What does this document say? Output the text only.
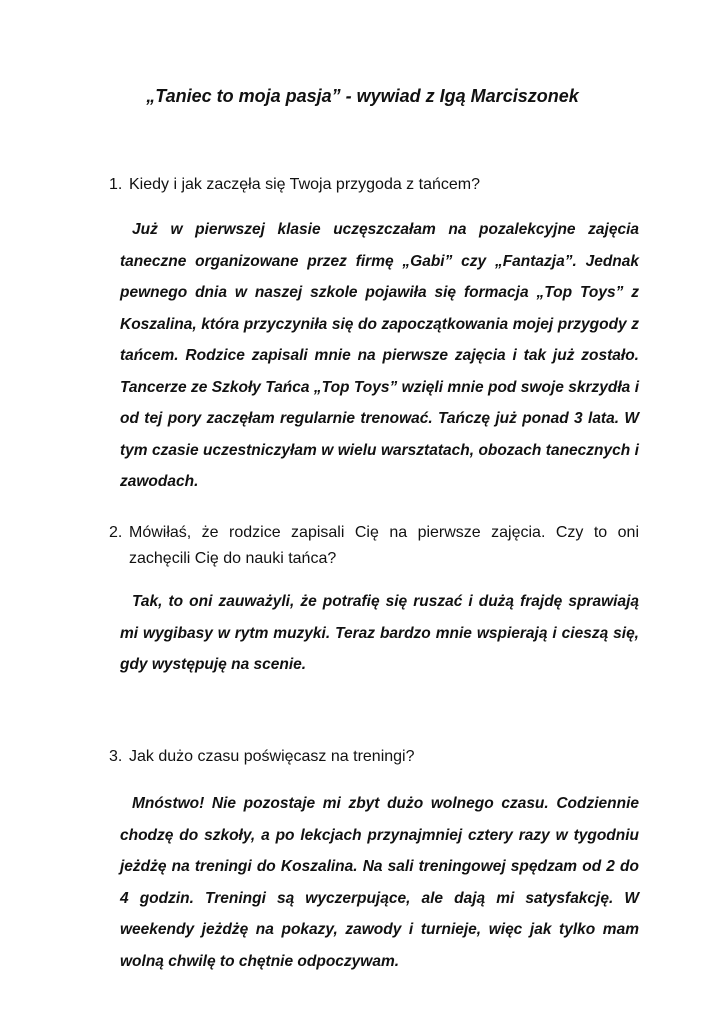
„Taniec to moja pasja” - wywiad z Igą Marciszonek

1. Kiedy i jak zaczęła się Twoja przygoda z tańcem?

Już w pierwszej klasie uczęszczałam na pozalekcyjne zajęcia taneczne organizowane przez firmę „Gabi” czy „Fantazja”. Jednak pewnego dnia w naszej szkole pojawiła się formacja „Top Toys” z Koszalina, która przyczyniła się do zapoczątkowania mojej przygody z tańcem. Rodzice zapisali mnie na pierwsze zajęcia i tak już zostało. Tancerze ze Szkoły Tańca „Top Toys” wzięli mnie pod swoje skrzydła i od tej pory zaczęłam regularnie trenować. Tańczę już ponad 3 lata. W tym czasie uczestniczyłam w wielu warsztatach, obozach tanecznych i zawodach.

2. Mówiłaś, że rodzice zapisali Cię na pierwsze zajęcia. Czy to oni zachęcili Cię do nauki tańca?

Tak, to oni zauważyli, że potrafię się ruszać i dużą frajdę sprawiają mi wygibasy w rytm muzyki. Teraz bardzo mnie wspierają i cieszą się, gdy występuję na scenie.

3. Jak dużo czasu poświęcasz na treningi?

Mnóstwo! Nie pozostaje mi zbyt dużo wolnego czasu. Codziennie chodzę do szkoły, a po lekcjach przynajmniej cztery razy w tygodniu jeżdżę na treningi do Koszalina. Na sali treningowej spędzam od 2 do 4 godzin. Treningi są wyczerpujące, ale dają mi satysfakcję. W weekendy jeżdżę na pokazy, zawody i turnieje, więc jak tylko mam wolną chwilę to chętnie odpoczywam.
